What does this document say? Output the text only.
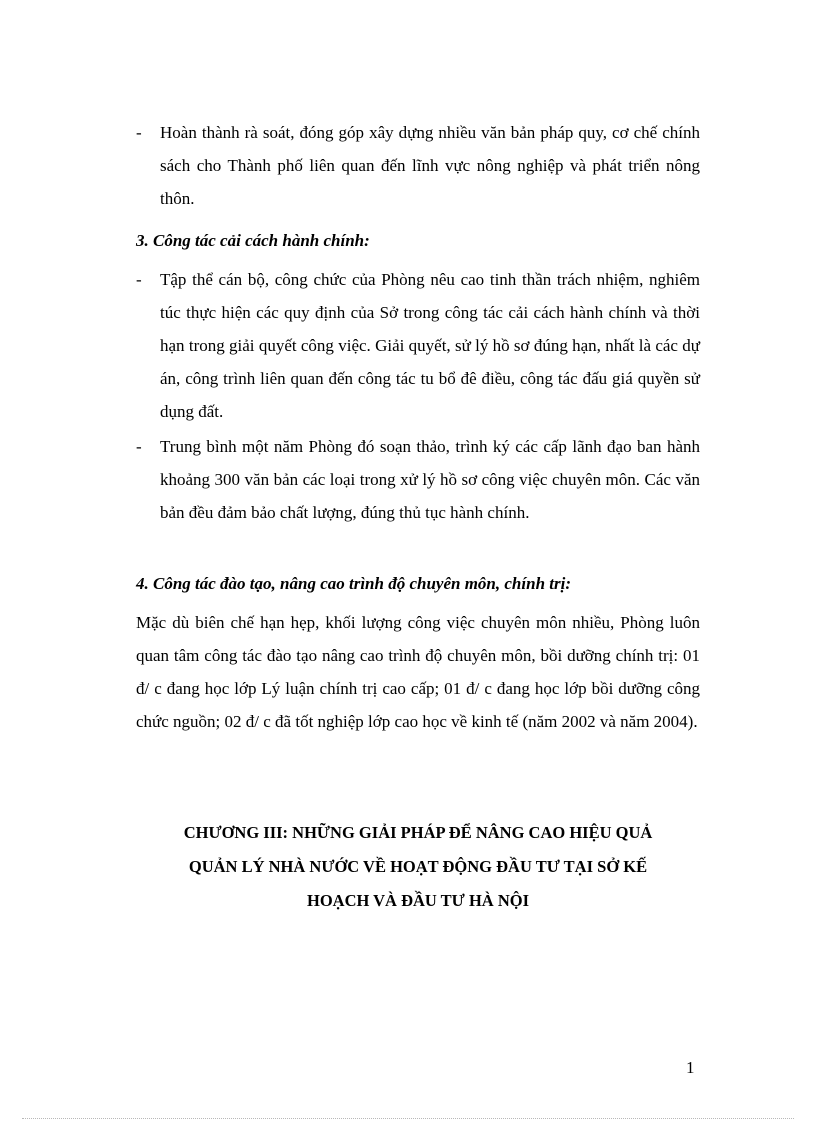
- Hoàn thành rà soát, đóng góp xây dựng nhiều văn bản pháp quy, cơ chế chính sách cho Thành phố liên quan đến lĩnh vực nông nghiệp và phát triển nông thôn.
3. Công tác cải cách hành chính:
- Tập thể cán bộ, công chức của Phòng nêu cao tinh thần trách nhiệm, nghiêm túc thực hiện các quy định của Sở trong công tác cải cách hành chính và thời hạn trong giải quyết công việc. Giải quyết, sử lý hồ sơ đúng hạn, nhất là các dự án, công trình liên quan đến công tác tu bổ đê điều, công tác đấu giá quyền sử dụng đất.
- Trung bình một năm Phòng đó soạn thảo, trình ký các cấp lãnh đạo ban hành khoảng 300 văn bản các loại trong xử lý hồ sơ công việc chuyên môn. Các văn bản đều đảm bảo chất lượng, đúng thủ tục hành chính.
4. Công tác đào tạo, nâng cao trình độ chuyên môn, chính trị:
Mặc dù biên chế hạn hẹp, khối lượng công việc chuyên môn nhiều, Phòng luôn quan tâm công tác đào tạo nâng cao trình độ chuyên môn, bồi dưỡng chính trị: 01 đ/ c đang học lớp Lý luận chính trị cao cấp; 01 đ/ c đang học lớp bồi dưỡng công chức nguồn; 02 đ/ c đã tốt nghiệp lớp cao học về kinh tế (năm 2002 và năm 2004).
CHƯƠNG III: NHỮNG GIẢI PHÁP ĐỂ NÂNG CAO HIỆU QUẢ
QUẢN LÝ NHÀ NƯỚC VỀ HOẠT ĐỘNG ĐẦU TƯ TẠI SỞ KẾ
HOẠCH VÀ ĐẦU TƯ HÀ NỘI
1
